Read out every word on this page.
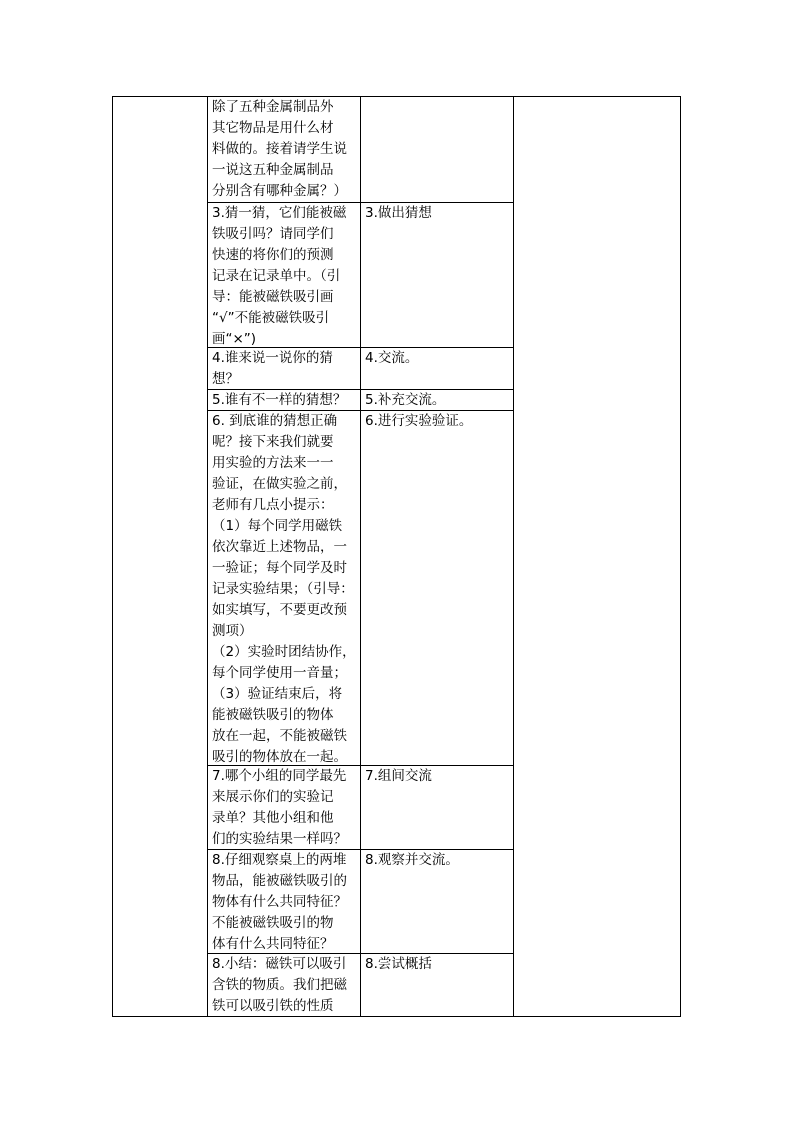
除了五种金属制品外
其它物品是用什么材
料做的。接着请学生说
一说这五种金属制品
分别含有哪种金属？）
3.猜一猜，它们能被磁
铁吸引吗？请同学们
快速的将你们的预测
记录在记录单中。（引
导：能被磁铁吸引画
“√”不能被磁铁吸引
画“×”)
3.做出猜想
4.谁来说一说你的猜
想？
4.交流。
5.谁有不一样的猜想？	5.补充交流。
6. 到底谁的猜想正确
呢？接下来我们就要
用实验的方法来一一
验证，在做实验之前，
老师有几点小提示：
（1）每个同学用磁铁
依次靠近上述物品，一
一验证；每个同学及时
记录实验结果；（引导：
如实填写，不要更改预
测项）
（2）实验时团结协作，
每个同学使用一音量；
（3）验证结束后，将
能被磁铁吸引的物体
放在一起，不能被磁铁
吸引的物体放在一起。
6.进行实验验证。
7.哪个小组的同学最先
来展示你们的实验记
录单？其他小组和他
们的实验结果一样吗？
7.组间交流
8.仔细观察桌上的两堆
物品，能被磁铁吸引的
物体有什么共同特征？
不能被磁铁吸引的物
体有什么共同特征？
8.观察并交流。
8.小结：磁铁可以吸引
含铁的物质。我们把磁
铁可以吸引铁的性质
8.尝试概括
